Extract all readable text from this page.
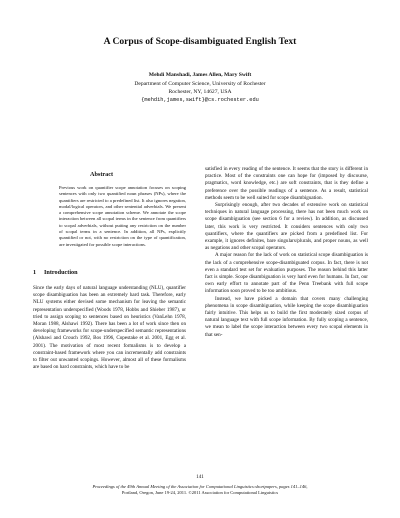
A Corpus of Scope-disambiguated English Text
Mehdi Manshadi, James Allen, Mary Swift
Department of Computer Science, University of Rochester
Rochester, NY, 14627, USA
{mehdih,james,swift}@cs.rochester.edu
Abstract

Previous work on quantifier scope annotation focuses on scoping sentences with only two quantified noun phrases (NPs), where the quantifiers are restricted to a predefined list. It also ignores negation, modal/logical operators, and other sentential adverbials. We present a comprehensive scope annotation scheme. We annotate the scope interaction between all scopal terms in the sentence from quantifiers to scopal adverbials, without putting any restriction on the number of scopal terms in a sentence. In addition, all NPs, explicitly quantified or not, with no restriction on the type of quantification, are investigated for possible scope interactions.

1 Introduction

Since the early days of natural language understanding (NLU), quantifier scope disambiguation has been an extremely hard task. Therefore, early NLU systems either devised some mechanism for leaving the semantic representation underspecified (Woods 1978, Hobbs and Shieber 1987), or tried to assign scoping to sentences based on heuristics (VanLehn 1978, Moran 1988, Alshawi 1992). There has been a lot of work since then on developing frameworks for scope-underspecified semantic representations (Alshawi and Crouch 1992, Bos 1996, Copestake et al. 2001, Egg et al. 2001). The motivation of most recent formalisms is to develop a constraint-based framework where you can incrementally add constraints to filter out unwanted scopings. However, almost all of these formalisms are based on hard constraints, which have to be

satisfied in every reading of the sentence. It seems that the story is different in practice. Most of the constraints one can hope for (imposed by discourse, pragmatics, word knowledge, etc.) are soft constraints, that is they define a preference over the possible readings of a sentence. As a result, statistical methods seem to be well suited for scope disambiguation.

Surprisingly enough, after two decades of extensive work on statistical techniques in natural language processing, there has not been much work on scope disambiguation (see section 6 for a review). In addition, as discussed later, this work is very restricted. It considers sentences with only two quantifiers, where the quantifiers are picked from a predefined list. For example, it ignores definites, bare singulars/plurals, and proper nouns, as well as negations and other scopal operators.

A major reason for the lack of work on statistical scope disambiguation is the lack of a comprehensive scope-disambiguated corpus. In fact, there is not even a standard test set for evaluation purposes. The reason behind this latter fact is simple. Scope disambiguation is very hard even for humans. In fact, our own early effort to annotate part of the Penn Treebank with full scope information soon proved to be too ambitious.

Instead, we have picked a domain that covers many challenging phenomena in scope disambiguation, while keeping the scope disambiguation fairly intuitive. This helps us to build the first moderately sized corpus of natural language text with full scope information. By fully scoping a sentence, we mean to label the scope interaction between every two scopal elements in that sen-

141
Proceedings of the 49th Annual Meeting of the Association for Computational Linguistics:shortpapers, pages 141–146,
Portland, Oregon, June 19-24, 2011. ©2011 Association for Computational Linguistics
